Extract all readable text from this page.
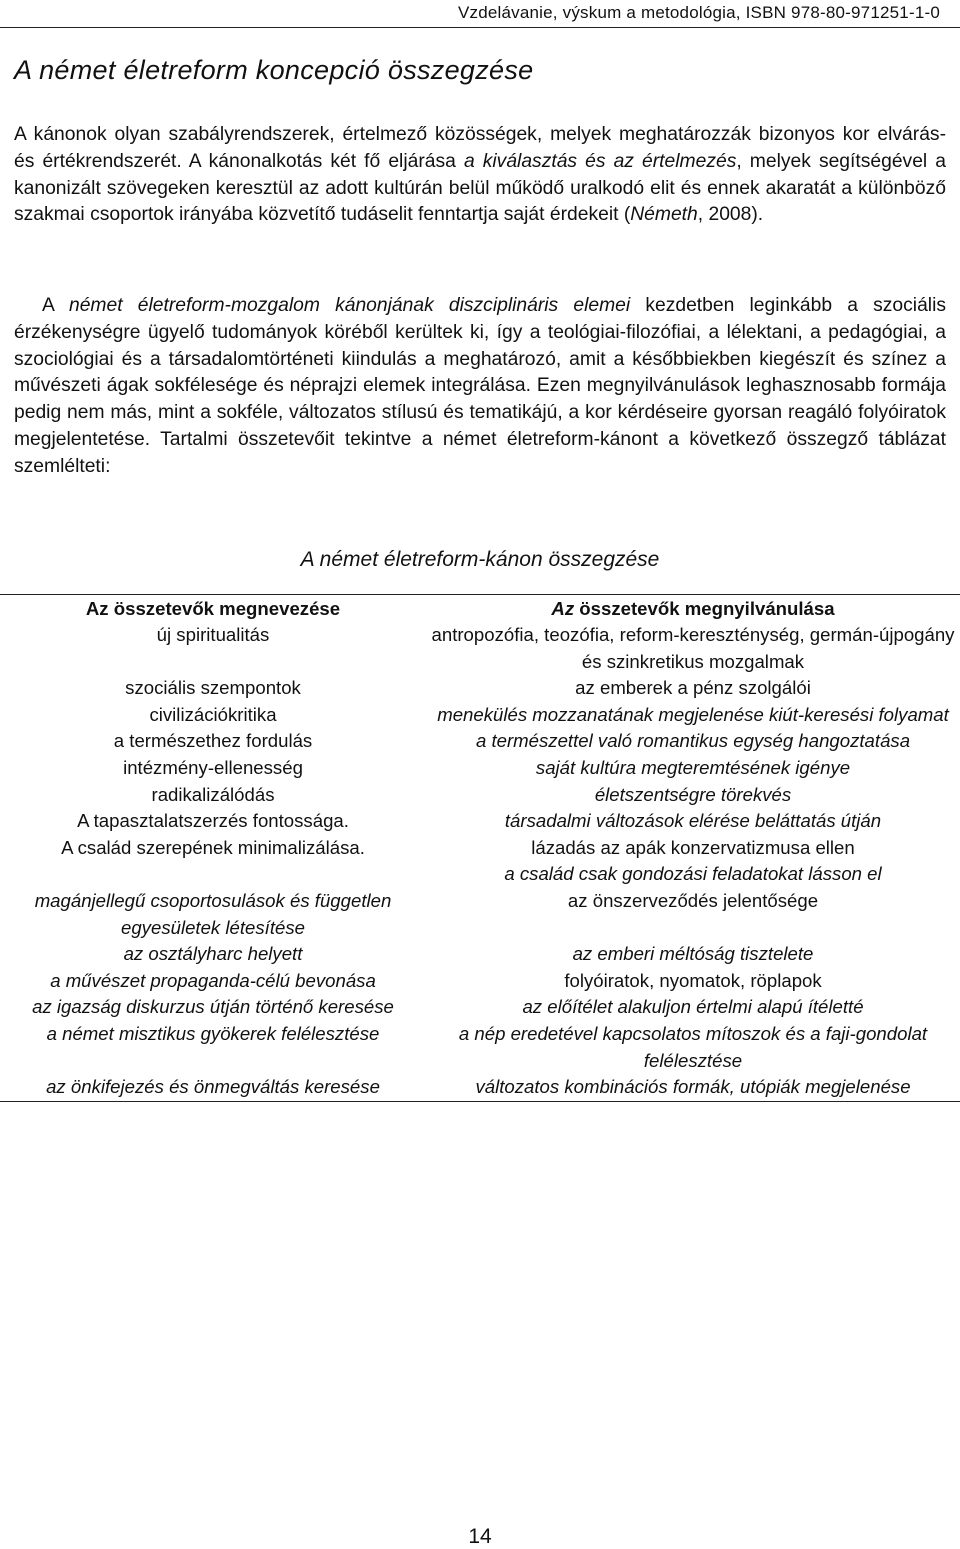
Vzdelávanie, výskum a metodológia, ISBN 978-80-971251-1-0
A német életreform koncepció összegzése

A kánonok olyan szabályrendszerek, értelmező közösségek, melyek meghatározzák bizonyos kor elvárás- és értékrendszerét. A kánonalkotás két fő eljárása a kiválasztás és az értelmezés, melyek segítségével a kanonizált szövegeken keresztül az adott kultúrán belül működő uralkodó elit és ennek akaratát a különböző szakmai csoportok irányába közvetítő tudáselit fenntartja saját érdekeit (Németh, 2008).

A német életreform-mozgalom kánonjának diszciplináris elemei kezdetben leginkább a szociális érzékenységre ügyelő tudományok köréből kerültek ki, így a teológiai-filozófiai, a lélektani, a pedagógiai, a szociológiai és a társadalomtörténeti kiindulás a meghatározó, amit a későbbiekben kiegészít és színez a művészeti ágak sokfélesége és néprajzi elemek integrálása. Ezen megnyilvánulások leghasznosabb formája pedig nem más, mint a sokféle, változatos stílusú és tematikájú, a kor kérdéseire gyorsan reagáló folyóiratok megjelentetése. Tartalmi összetevőit tekintve a német életreform-kánont a következő összegző táblázat szemlélteti:

A német életreform-kánon összegzése
Az összetevők megnevezése	Az összetevők megnyilvánulása
új spiritualitás	antropozófia, teozófia, reform-kereszténység, germán-újpogány és szinkretikus mozgalmak
szociális szempontok	az emberek a pénz szolgálói
civilizációkritika	menekülés mozzanatának megjelenése kiút-keresési folyamat
a természethez fordulás	a természettel való romantikus egység hangoztatása
intézmény-ellenesség	saját kultúra megteremtésének igénye
radikalizálódás	életszentségre törekvés
A tapasztalatszerzés fontossága.	társadalmi változások elérése beláttatás útján
A család szerepének minimalizálása.	lázadás az apák konzervatizmusa ellen
	a család csak gondozási feladatokat lásson el
magánjellegű csoportosulások és független egyesületek létesítése	az önszerveződés jelentősége
az osztályharc helyett	az emberi méltóság tisztelete
a művészet propaganda-célú bevonása	folyóiratok, nyomatok, röplapok
az igazság diskurzus útján történő keresése	az előítélet alakuljon értelmi alapú ítéletté
a német misztikus gyökerek felélesztése	a nép eredetével kapcsolatos mítoszok és a faji-gondolat felélesztése
az önkifejezés és önmegváltás keresése	változatos kombinációs formák, utópiák megjelenése
14
